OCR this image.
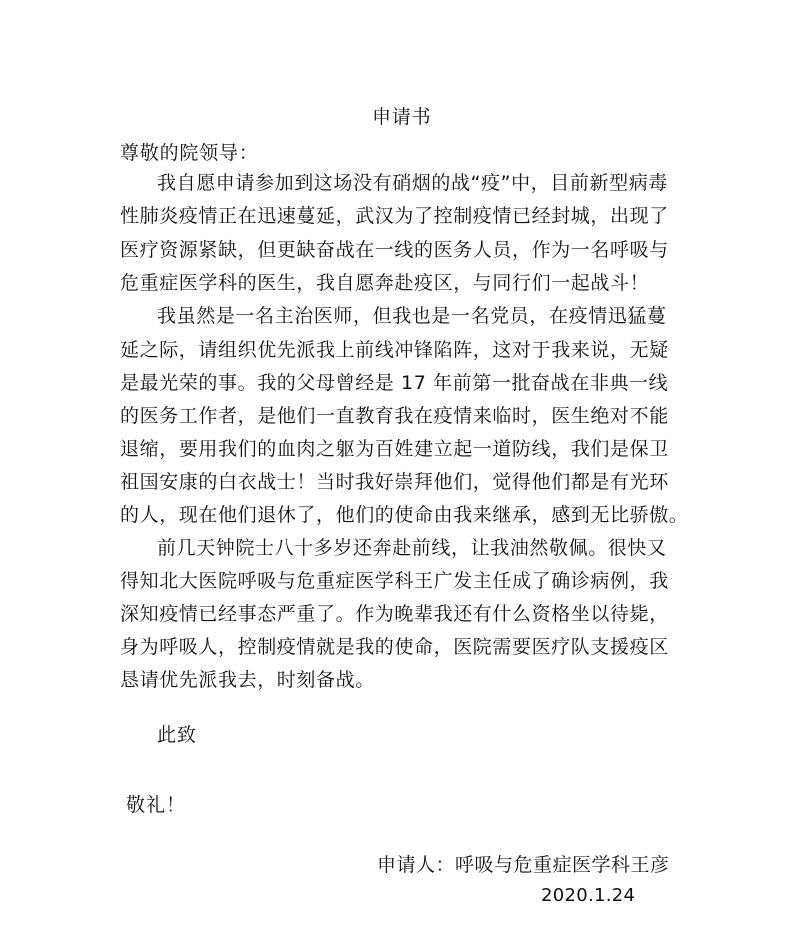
申请书
尊敬的院领导：
我自愿申请参加到这场没有硝烟的战“疫”中，目前新型病毒
性肺炎疫情正在迅速蔓延，武汉为了控制疫情已经封城，出现了
医疗资源紧缺，但更缺奋战在一线的医务人员，作为一名呼吸与
危重症医学科的医生，我自愿奔赴疫区，与同行们一起战斗！
我虽然是一名主治医师，但我也是一名党员，在疫情迅猛蔓
延之际，请组织优先派我上前线冲锋陷阵，这对于我来说，无疑
是最光荣的事。我的父母曾经是 17 年前第一批奋战在非典一线
的医务工作者，是他们一直教育我在疫情来临时，医生绝对不能
退缩，要用我们的血肉之躯为百姓建立起一道防线，我们是保卫
祖国安康的白衣战士！当时我好崇拜他们，觉得他们都是有光环
的人，现在他们退休了，他们的使命由我来继承，感到无比骄傲。
前几天钟院士八十多岁还奔赴前线，让我油然敬佩。很快又
得知北大医院呼吸与危重症医学科王广发主任成了确诊病例，我
深知疫情已经事态严重了。作为晚辈我还有什么资格坐以待毙，
身为呼吸人，控制疫情就是我的使命，医院需要医疗队支援疫区
恳请优先派我去，时刻备战。
此致
敬礼！
申请人：呼吸与危重症医学科王彦
2020.1.24
